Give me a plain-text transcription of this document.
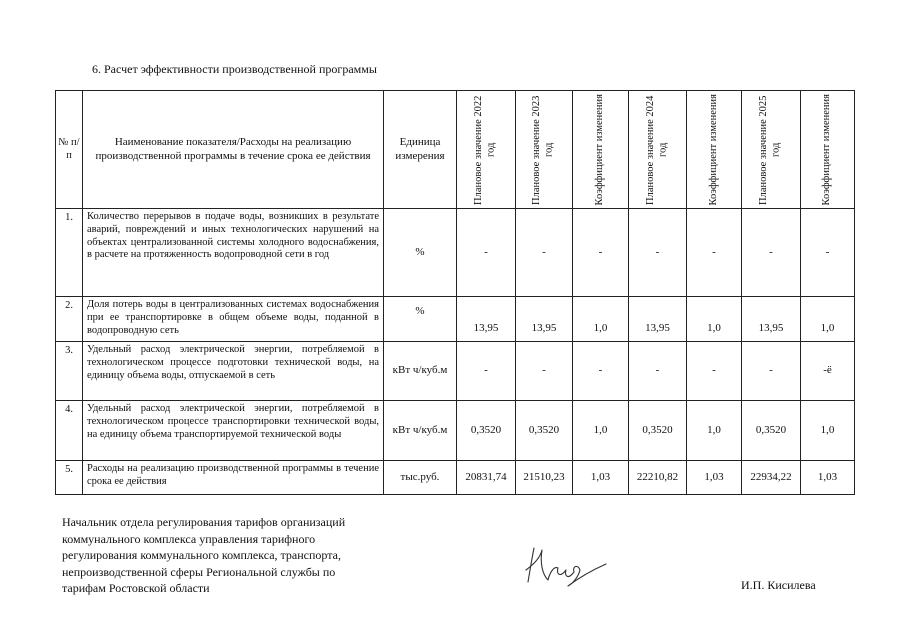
6. Расчет эффективности производственной программы
№ п/п	Наименование показателя/Расходы на реализацию производственной программы в течение срока ее действия	Единица измерения	Плановое значение 2022 год	Плановое значение 2023 год	Коэффициент изменения	Плановое значение 2024 год	Коэффициент изменения	Плановое значение 2025 год	Коэффициент изменения

1.	Количество перерывов в подаче воды, возникших в результате аварий, повреждений и иных технологических нарушений на объектах централизованной системы холодного водоснабжения, в расчете на протяженность водопроводной сети в год	%	-	-	-	-	-	-	-
2.	Доля потерь воды в централизованных системах водоснабжения при ее транспортировке в общем объеме воды, поданной в водопроводную сеть	%	13,95	13,95	1,0	13,95	1,0	13,95	1,0
3.	Удельный расход электрической энергии, потребляемой в технологическом процессе подготовки технической воды, на единицу объема воды, отпускаемой в сеть	кВт ч/куб.м	-	-	-	-	-	-	-ё
4.	Удельный расход электрической энергии, потребляемой в технологическом процессе транспортировки технической воды, на единицу объема транспортируемой технической воды	кВт ч/куб.м	0,3520	0,3520	1,0	0,3520	1,0	0,3520	1,0
5.	Расходы на реализацию производственной программы в течение срока ее действия	тыс.руб.	20831,74	21510,23	1,03	22210,82	1,03	22934,22	1,03
Начальник отдела регулирования тарифов организаций коммунального комплекса управления тарифного регулирования коммунального комплекса, транспорта, непроизводственной сферы Региональной службы по тарифам Ростовской области	И.П. Кисилева
